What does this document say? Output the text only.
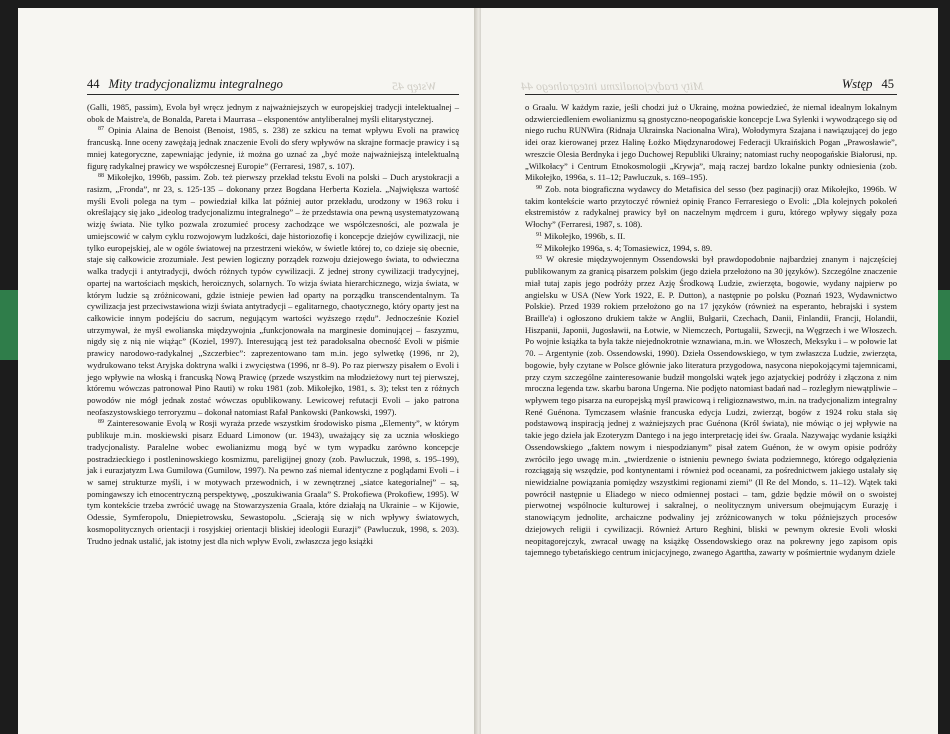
Wstęp 45
44 Mity tradycjonalizmu integralnego

(Galli, 1985, passim), Evola był wręcz jednym z najważniejszych w europejskiej tradycji intelektualnej – obok de Maistre'a, de Bonalda, Pareta i Maurrasa – eksponentów antyliberalnej myśli elitarystycznej.

$^{87}$ Opinia Alaina de Benoist (Benoist, 1985, s. 238) ze szkicu na temat wpływu Evoli na prawicę francuską. Inne oceny zawężają jednak znaczenie Evoli do sfery wpływów na skrajne formacje prawicy i są mniej kategoryczne, zapewniając jedynie, iż można go uznać za „być może najważniejszą intelektualną figurę radykalnej prawicy we współczesnej Europie” (Ferraresi, 1987, s. 107).

$^{88}$ Mikołejko, 1996b, passim. Zob. też pierwszy przekład tekstu Evoli na polski – Duch arystokracji a rasizm, „Fronda”, nr 23, s. 125-135 – dokonany przez Bogdana Herberta Koziela. „Największa wartość myśli Evoli polega na tym – powiedział kilka lat później autor przekładu, urodzony w 1963 roku i określający się jako „ideolog tradycjonalizmu integralnego” – że przedstawia ona pewną usystematyzowaną wizję świata. Nie tylko pozwala zrozumieć procesy zachodzące we współczesności, ale pozwala je umiejscowić w całym cyklu rozwojowym ludzkości, daje historiozofię i koncepcje dziejów cywilizacji, nie tylko europejskiej, ale w ogóle światowej na przestrzeni wieków, w świetle której to, co dzieje się obecnie, staje się całkowicie zrozumiałe. Jest pewien logiczny porządek rozwoju dziejowego świata, to odwieczna walka tradycji i antytradycji, dwóch różnych typów cywilizacji. Z jednej strony cywilizacji tradycyjnej, opartej na wartościach męskich, heroicznych, solarnych. To wizja świata hierarchicznego, wizja świata, w którym ludzie są zróżnicowani, gdzie istnieje pewien ład oparty na porządku transcendentalnym. Ta cywilizacja jest przeciwstawiona wizji świata antytradycji – egalitarnego, chaotycznego, który oparty jest na całkowicie innym podejściu do sacrum, negującym wartości wyższego rzędu”. Jednocześnie Koziel utrzymywał, że myśl ewolianska międzywojnia „funkcjonowała na marginesie dominującej – faszyzmu, nigdy się z nią nie wiążąc” (Koziel, 1997). Interesującą jest też paradoksalna obecność Evoli w piśmie prawicy narodowo-radykalnej „Szczerbiec”: zaprezentowano tam m.in. jego sylwetkę (1996, nr 2), wydrukowano tekst Aryjska doktryna walki i zwycięstwa (1996, nr 8–9). Po raz pierwszy pisałem o Evoli i jego wpływie na włoską i francuską Nową Prawicę (przede wszystkim na młodzieżowy nurt tej pierwszej, któremu wówczas patronował Pino Rauti) w roku 1981 (zob. Mikołejko, 1981, s. 3); tekst ten z różnych powodów nie mógł jednak zostać wówczas opublikowany. Lewicowej refutacji Evoli – jako patrona neofaszystowskiego terroryzmu – dokonał natomiast Rafał Pankowski (Pankowski, 1997).

$^{89}$ Zainteresowanie Evolą w Rosji wyraża przede wszystkim środowisko pisma „Elementy”, w którym publikuje m.in. moskiewski pisarz Eduard Limonow (ur. 1943), uważający się za ucznia włoskiego tradycjonalisty. Paralelne wobec ewolianizmu mogą być w tym wypadku zarówno koncepcje postradzieckiego i postleninowskiego kosmizmu, pareligijnej gnozy (zob. Pawluczuk, 1998, s. 195–199), jak i eurazjatyzm Lwa Gumilowa (Gumilow, 1997). Na pewno zaś niemal identyczne z poglądami Evoli – i w samej strukturze myśli, i w motywach przewodnich, i w zewnętrznej „siatce kategorialnej” – są, pomingawszy ich etnocentryczną perspektywę, „poszukiwania Graala” S. Prokofiewa (Prokofiew, 1995). W tym kontekście trzeba zwrócić uwagę na Stowarzyszenia Graala, które działają na Ukrainie – w Kijowie, Odessie, Symferopolu, Dniepietrowsku, Sewastopolu. „Scierają się w nich wpływy światowych, kosmopolitycznych orientacji i rosyjskiej orientacji bliskiej ideologii Eurazji” (Pawluczuk, 1998, s. 203). Trudno jednak ustalić, jak istotny jest dla nich wpływ Evoli, zwłaszcza jego książki

Mity tradycjonalizmu integralnego 44	Wstęp 45

o Graalu. W każdym razie, jeśli chodzi już o Ukrainę, można powiedzieć, że niemal idealnym lokalnym odzwierciedleniem ewolianizmu są gnostyczno-neopogańskie koncepcje Lwa Sylenki i wywodzącego się od niego ruchu RUNWira (Ridnaja Ukrainska Nacionalna Wira), Wołodymyra Szajana i nawiązującej do jego idei oraz kierowanej przez Halinę Łożko Międzynarodowej Federacji Ukraińskich Pogan „Prawosławie”, wreszcie Olesia Berdnyka i jego Duchowej Republiki Ukrainy; natomiast ruchy neopogańskie Białorusi, np. „Wilkołacy” i Centrum Etnokosmologii „Krywja”, mają raczej bardzo lokalne punkty odniesienia (zob. Mikołejko, 1996a, s. 11–12; Pawluczuk, s. 169–195).

$^{90}$ Zob. nota biograficzna wydawcy do Metafisica del sesso (bez paginacji) oraz Mikołejko, 1996b. W takim kontekście warto przytoczyć również opinię Franco Ferraresiego o Evoli: „Dla kolejnych pokoleń ekstremistów z radykalnej prawicy był on naczelnym mędrcem i guru, którego wpływy sięgały poza Włochy” (Ferraresi, 1987, s. 108).

$^{91}$ Mikołejko, 1996b, s. II.

$^{92}$ Mikołejko 1996a, s. 4; Tomasiewicz, 1994, s. 89.

$^{93}$ W okresie międzywojennym Ossendowski był prawdopodobnie najbardziej znanym i najczęściej publikowanym za granicą pisarzem polskim (jego dzieła przełożono na 30 języków). Szczególne znaczenie miał tutaj zapis jego podróży przez Azję Środkową Ludzie, zwierzęta, bogowie, wydany najpierw po angielsku w USA (New York 1922, E. P. Dutton), a następnie po polsku (Poznań 1923, Wydawnictwo Polskie). Przed 1939 rokiem przełożono go na 17 języków (również na esperanto, hebrajski i system Braille'a) i ogłoszono drukiem także w Anglii, Bułgarii, Czechach, Danii, Finlandii, Francji, Holandii, Hiszpanii, Japonii, Jugosławii, na Łotwie, w Niemczech, Portugalii, Szwecji, na Węgrzech i we Włoszech. Po wojnie książka ta była także niejednokrotnie wznawiana, m.in. we Włoszech, Meksyku i – w połowie lat 70. – Argentynie (zob. Ossendowski, 1990). Dzieła Ossendowskiego, w tym zwłaszcza Ludzie, zwierzęta, bogowie, były czytane w Polsce głównie jako literatura przygodowa, nasycona niepokojącymi tajemnicami, przy czym szczególne zainteresowanie budził mongolski wątek jego azjatyckiej podróży i złączona z nim mroczna legenda tzw. skarbu barona Ungerna. Nie podjęto natomiast badań nad – rozległym niewątpliwie – wpływem tego pisarza na europejską myśl prawicową i religioznawstwo, m.in. na tradycjonalizm integralny René Guénona. Tymczasem właśnie francuska edycja Ludzi, zwierząt, bogów z 1924 roku stała się podstawową inspiracją jednej z ważniejszych prac Guénona (Król świata), nie mówiąc o jej wpływie na takie jego dzieła jak Ezoteryzm Dantego i na jego interpretację idei św. Graala. Nazywając wydanie książki Ossendowskiego „faktem nowym i niespodzianym” pisał zatem Guénon, że w owym opisie podróży zwróciło jego uwagę m.in. „twierdzenie o istnieniu pewnego świata podziemnego, którego odgałęzienia rozciągają się wszędzie, pod kontynentami i również pod oceanami, za pośrednictwem jakiego ustalały się niewidzialne powiązania pomiędzy wszystkimi regionami ziemi” (Il Re del Mondo, s. 11–12). Wątek taki powrócił następnie u Eliadego w nieco odmiennej postaci – tam, gdzie będzie mówił on o swoistej pierwotnej wspólnocie kulturowej i sakralnej, o neolitycznym universum obejmującym Eurazję i stanowiącym jednolite, archaiczne podwaliny jej zróżnicowanych w toku późniejszych procesów dziejowych religii i cywilizacji. Również Arturo Reghini, bliski w pewnym okresie Evoli włoski neopitagorejczyk, zwracał uwagę na książkę Ossendowskiego oraz na pokrewny jego zapisom opis tajemnego tybetańskiego centrum inicjacyjnego, zwanego Agarttha, zawarty w pośmiertnie wydanym dziele
